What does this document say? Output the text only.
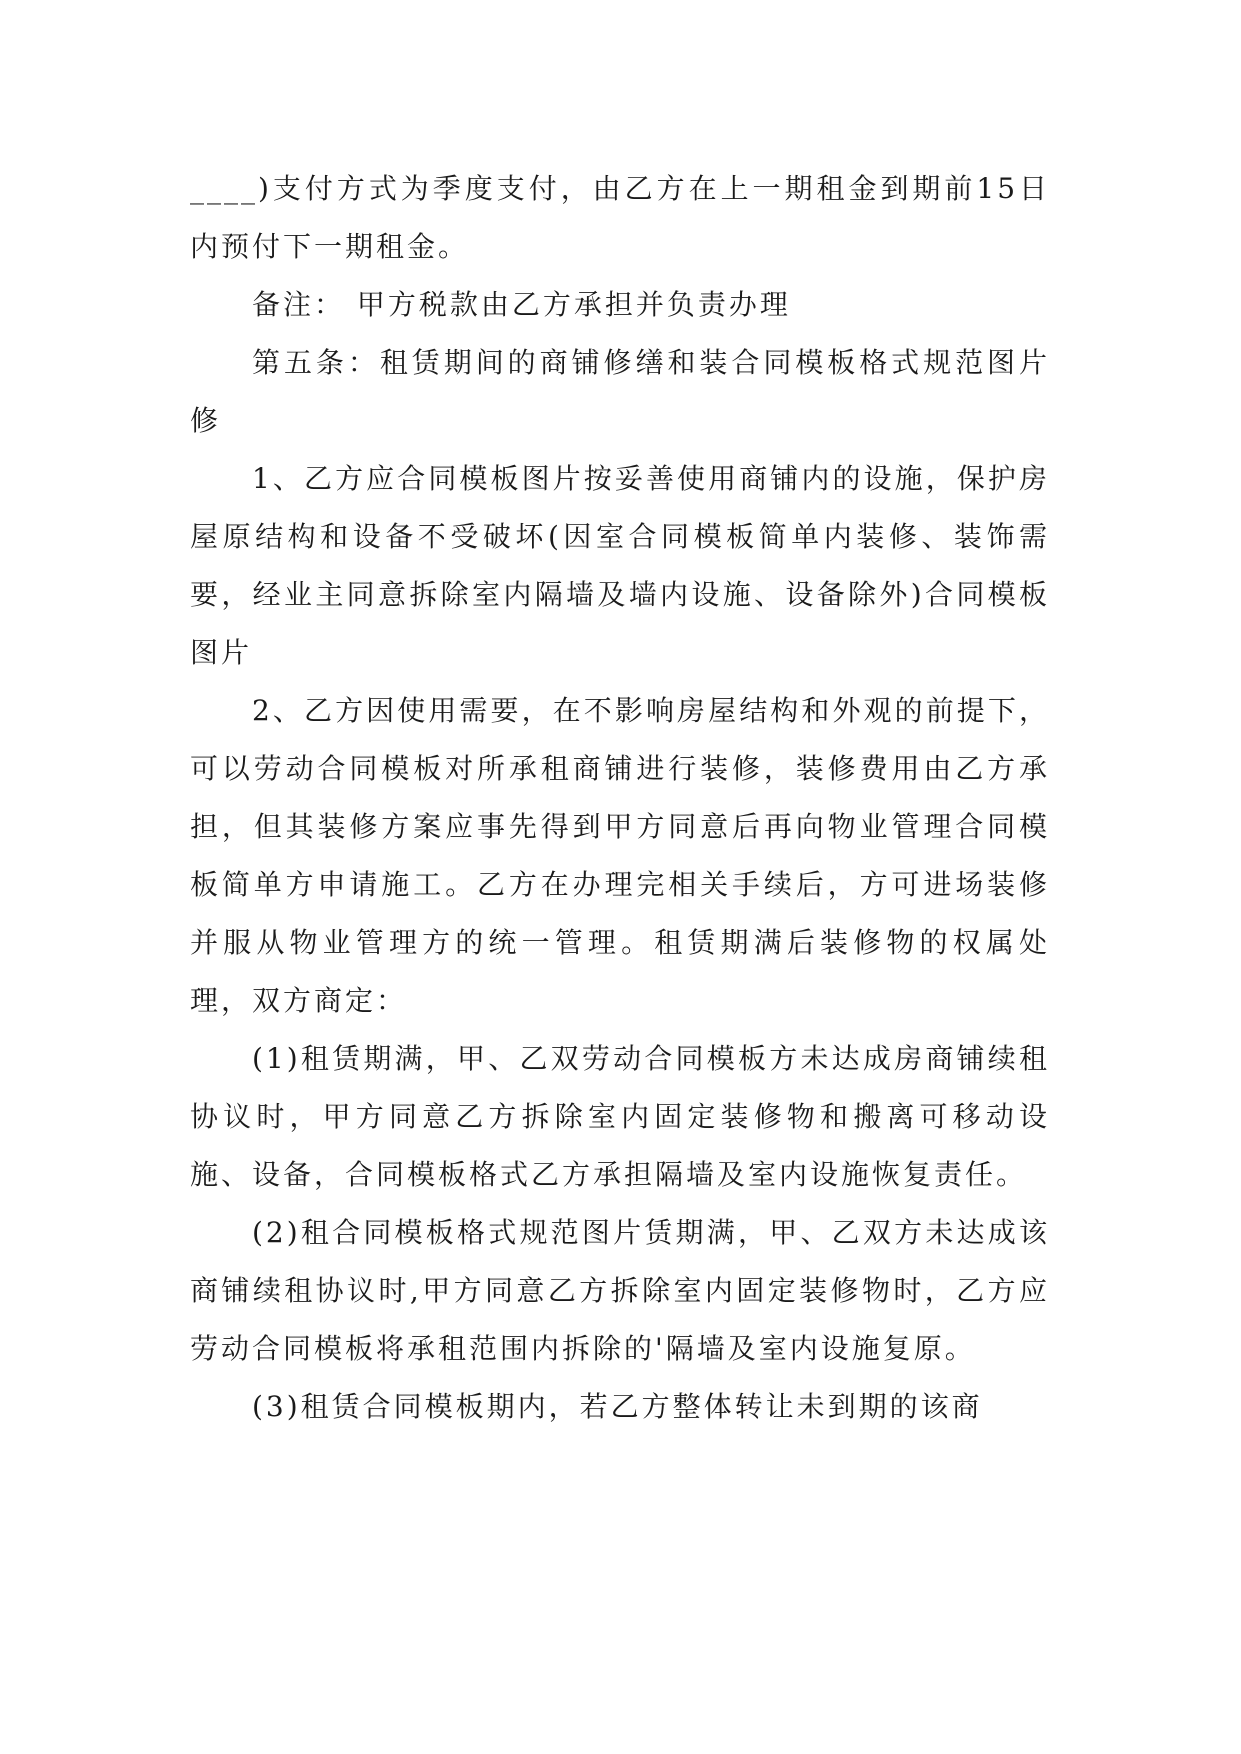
____)支付方式为季度支付，由乙方在上一期租金到期前15日内预付下一期租金。

备注： 甲方税款由乙方承担并负责办理

第五条：租赁期间的商铺修缮和装合同模板格式规范图片修

1、乙方应合同模板图片按妥善使用商铺内的设施，保护房屋原结构和设备不受破坏(因室合同模板简单内装修、装饰需要，经业主同意拆除室内隔墙及墙内设施、设备除外)合同模板图片

2、乙方因使用需要，在不影响房屋结构和外观的前提下，可以劳动合同模板对所承租商铺进行装修，装修费用由乙方承担，但其装修方案应事先得到甲方同意后再向物业管理合同模板简单方申请施工。乙方在办理完相关手续后，方可进场装修并服从物业管理方的统一管理。租赁期满后装修物的权属处理，双方商定：

(1)租赁期满，甲、乙双劳动合同模板方未达成房商铺续租协议时，甲方同意乙方拆除室内固定装修物和搬离可移动设施、设备，合同模板格式乙方承担隔墙及室内设施恢复责任。

(2)租合同模板格式规范图片赁期满，甲、乙双方未达成该商铺续租协议时,甲方同意乙方拆除室内固定装修物时，乙方应劳动合同模板将承租范围内拆除的'隔墙及室内设施复原。

(3)租赁合同模板期内，若乙方整体转让未到期的该商
